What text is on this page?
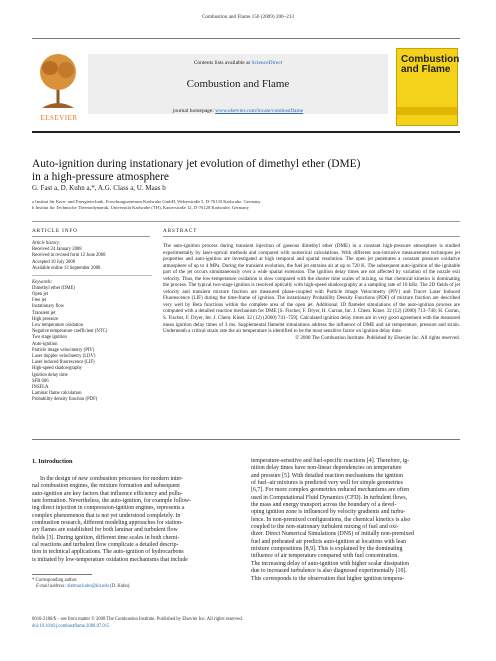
Combustion and Flame 156 (2009) 200–213
ELSEVIER
Contents lists available at ScienceDirect
Combustion and Flame
journal homepage: www.elsevier.com/locate/combustflame
Combustion and Flame
Auto-ignition during instationary jet evolution of dimethyl ether (DME)
in a high-pressure atmosphere
G. Fast a, D. Kuhn a,*, A.G. Class a, U. Maas b
a Institut für Kern- und Energietechnik, Forschungszentrum Karlsruhe GmbH, Weberstraße 5, D-76133 Karlsruhe, Germany
b Institut für Technische Thermodynamik, Universität Karlsruhe (TH), Kaiserstraße 12, D-76128 Karlsruhe, Germany
ARTICLE INFO	ABSTRACT
Article history:
Received 24 January 2008
Received in revised form 12 June 2008
Accepted 10 July 2008
Available online 13 September 2008
Keywords:
Dimethyl ether (DME)
Open jet
Free jet
Instationary flow
Transient jet
High pressure
Low temperature oxidation
Negative temperature coefficient (NTC)
Two stage ignition
Auto-ignition
Particle image velocimetry (PIV)
Laser doppler velocimetry (LDV)
Laser induced fluorescence (LIF)
High-speed shadowgraphy
Ignition delay time
SFB 606
INSFLA
Laminar flame calculation
Probability density function (PDF)
The auto-ignition process during transient injection of gaseous dimethyl ether (DME) in a constant high-pressure atmosphere is studied experimentally by laser-optical methods and compared with numerical calculations. With different non-intrusive measurement techniques jet properties and auto-ignition are investigated at high temporal and spatial resolution. The open jet penetrates a constant pressure oxidative atmosphere of up to 4 MPa. During the transient evolution, the fuel jet entrains air at up to 720 K. The subsequent auto-ignition of the ignitable part of the jet occurs simultaneously over a wide spatial extension. The ignition delay times are not affected by variation of the nozzle exit velocity. Thus, the low-temperature oxidation is slow compared with the shorter time scales of mixing, so that chemical kinetics is dominating the process. The typical two-stage ignition is resolved optically with high-speed shadowgraphy at a sampling rate of 10 kHz. The 2D fields of jet velocity and transient mixture fraction are measured phase-coupled with Particle Image Velocimetry (PIV) and Tracer Laser Induced Fluorescence (LIF) during the time-frame of ignition. The instationary Probability Density Functions (PDF) of mixture fraction are described very well by Beta functions within the complete area of the open jet. Additional 1D flamelet simulations of the auto-ignition process are computed with a detailed reaction mechanism for DME [S. Fischer, F. Dryer, H. Curran, Int. J. Chem. Kinet. 32 (12) (2000) 713–740; H. Curran, S. Fischer, F. Dryer, Int. J. Chem. Kinet. 32 (12) (2000) 741–759]. Calculated ignition delay times are in very good agreement with the measured mean ignition delay times of 3 ms. Supplemental flamelet simulations address the influence of DME and air temperature, pressure and strain. Underneath a critical strain rate the air temperature is identified to be the most sensitive factor on ignition delay time.
© 2008 The Combustion Institute. Published by Elsevier Inc. All rights reserved.
1. Introduction
In the design of new combustion processes for modern inter-
nal combustion engines, the mixture formation and subsequent
auto-ignition are key factors that influence efficiency and pollu-
tant formation. Nevertheless, the auto-ignition, for example follow-
ing direct injection in compression-ignition engines, represents a
complex phenomenon that is not yet understood completely. In
combustion research, different modeling approaches for station-
ary flames are established for both laminar and turbulent flow
fields [3]. During ignition, different time scales in both chemi-
cal reactions and turbulent flow complicate a detailed descrip-
tion in technical applications. The auto-ignition of hydrocarbons
is initiated by low-temperature oxidation mechanisms that include
temperature-sensitive and fuel-specific reactions [4]. Therefore, ig-
nition delay times have non-linear dependencies on temperature
and pressure [5]. With detailed reaction mechanisms the ignition
of fuel–air mixtures is predicted very well for simple geometries
[6,7]. For more complex geometries reduced mechanisms are often
used in Computational Fluid Dynamics (CFD). In turbulent flows,
the mass and energy transport across the boundary of a devel-
oping ignition zone is influenced by velocity gradients and turbu-
lence. In non-premixed configurations, the chemical kinetics is also
coupled to the non-stationary turbulent mixing of fuel and oxi-
dizer. Direct Numerical Simulations (DNS) of initially non-premixed
fuel and preheated air predicts auto-ignition at locations with lean
mixture compositions [8,9]. This is explained by the dominating
influence of air temperature compared with fuel concentration.
The increasing delay of auto-ignition with higher scalar dissipation
due to increased turbulence is also diagnosed experimentally [10].
This corresponds to the observation that higher ignition tempera-
* Corresponding author.
E-mail address: dietmar.kuhn@kit.edu (D. Kuhn).
0010-2180/$ – see front matter © 2008 The Combustion Institute. Published by Elsevier Inc. All rights reserved.
doi:10.1016/j.combustflame.2008.07.015
